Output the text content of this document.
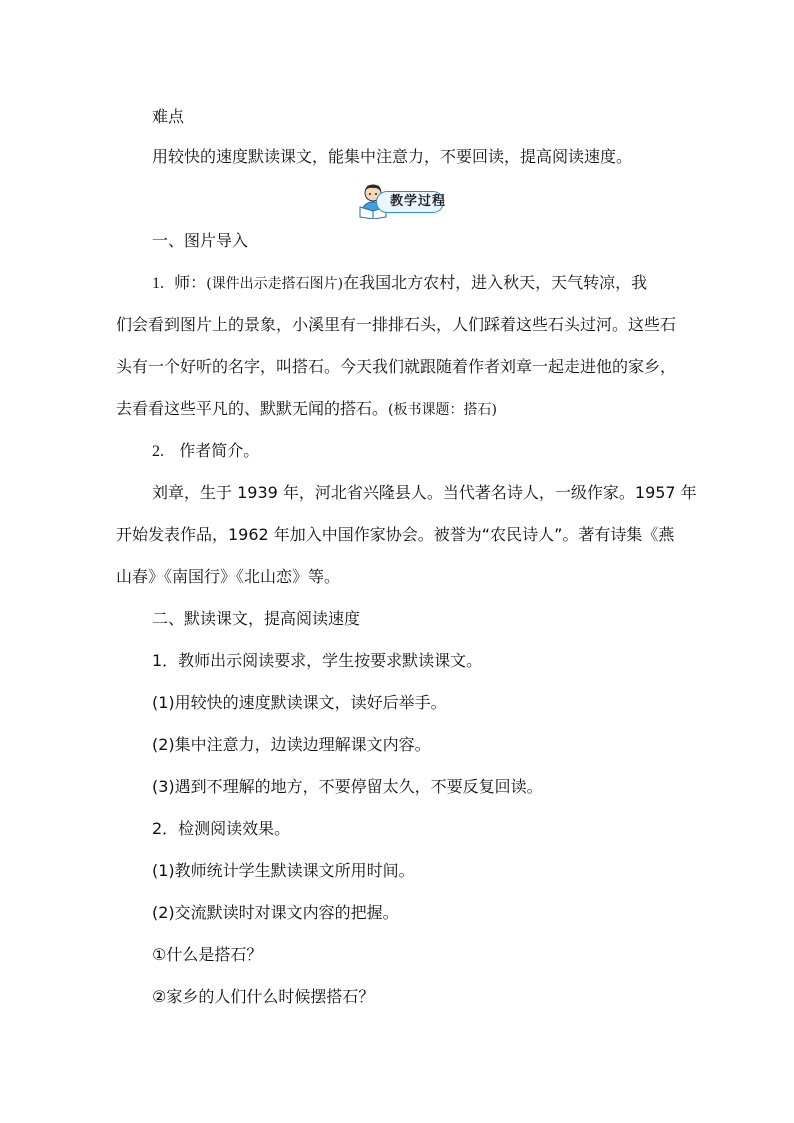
难点
用较快的速度默读课文，能集中注意力，不要回读，提高阅读速度。
教学过程
一、图片导入
1. 师：(课件出示走搭石图片)在我国北方农村，进入秋天，天气转凉，我
们会看到图片上的景象，小溪里有一排排石头，人们踩着这些石头过河。这些石
头有一个好听的名字，叫搭石。今天我们就跟随着作者刘章一起走进他的家乡，
去看看这些平凡的、默默无闻的搭石。(板书课题：搭石)
2. 作者简介。
刘章，生于 1939 年，河北省兴隆县人。当代著名诗人，一级作家。1957 年
开始发表作品，1962 年加入中国作家协会。被誉为“农民诗人”。著有诗集《燕
山春》《南国行》《北山恋》等。
二、默读课文，提高阅读速度
1．教师出示阅读要求，学生按要求默读课文。
(1)用较快的速度默读课文，读好后举手。
(2)集中注意力，边读边理解课文内容。
(3)遇到不理解的地方，不要停留太久，不要反复回读。
2．检测阅读效果。
(1)教师统计学生默读课文所用时间。
(2)交流默读时对课文内容的把握。
①什么是搭石？
②家乡的人们什么时候摆搭石？
